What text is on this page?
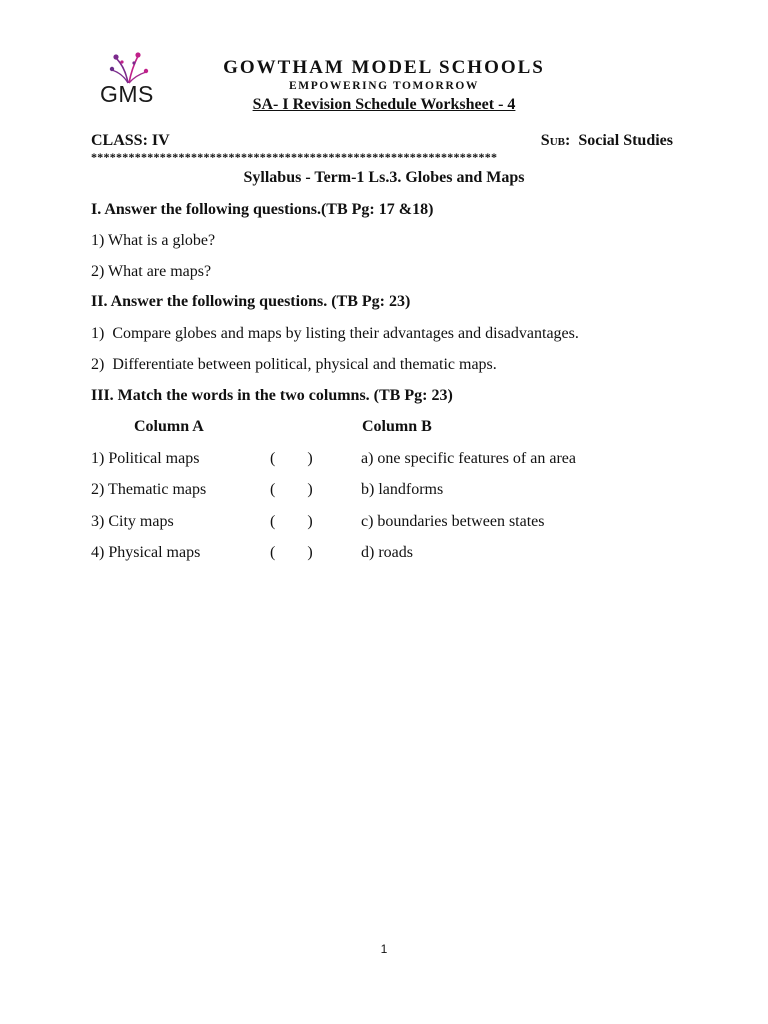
GMS
GOWTHAM MODEL SCHOOLS
EMPOWERING TOMORROW
SA- I Revision Schedule Worksheet - 4
CLASS: IV	Sub: Social Studies
*****************************************************************
Syllabus - Term-1 Ls.3. Globes and Maps
I. Answer the following questions.(TB Pg: 17 &18)
1) What is a globe?
2) What are maps?
II. Answer the following questions. (TB Pg: 23)
1)  Compare globes and maps by listing their advantages and disadvantages.
2)  Differentiate between political, physical and thematic maps.
III. Match the words in the two columns. (TB Pg: 23)
Column A	Column B
1) Political maps	(        )	a) one specific features of an area
2) Thematic maps	(        )	b) landforms
3) City maps	(        )	c) boundaries between states
4) Physical maps	(        )	d) roads
1
